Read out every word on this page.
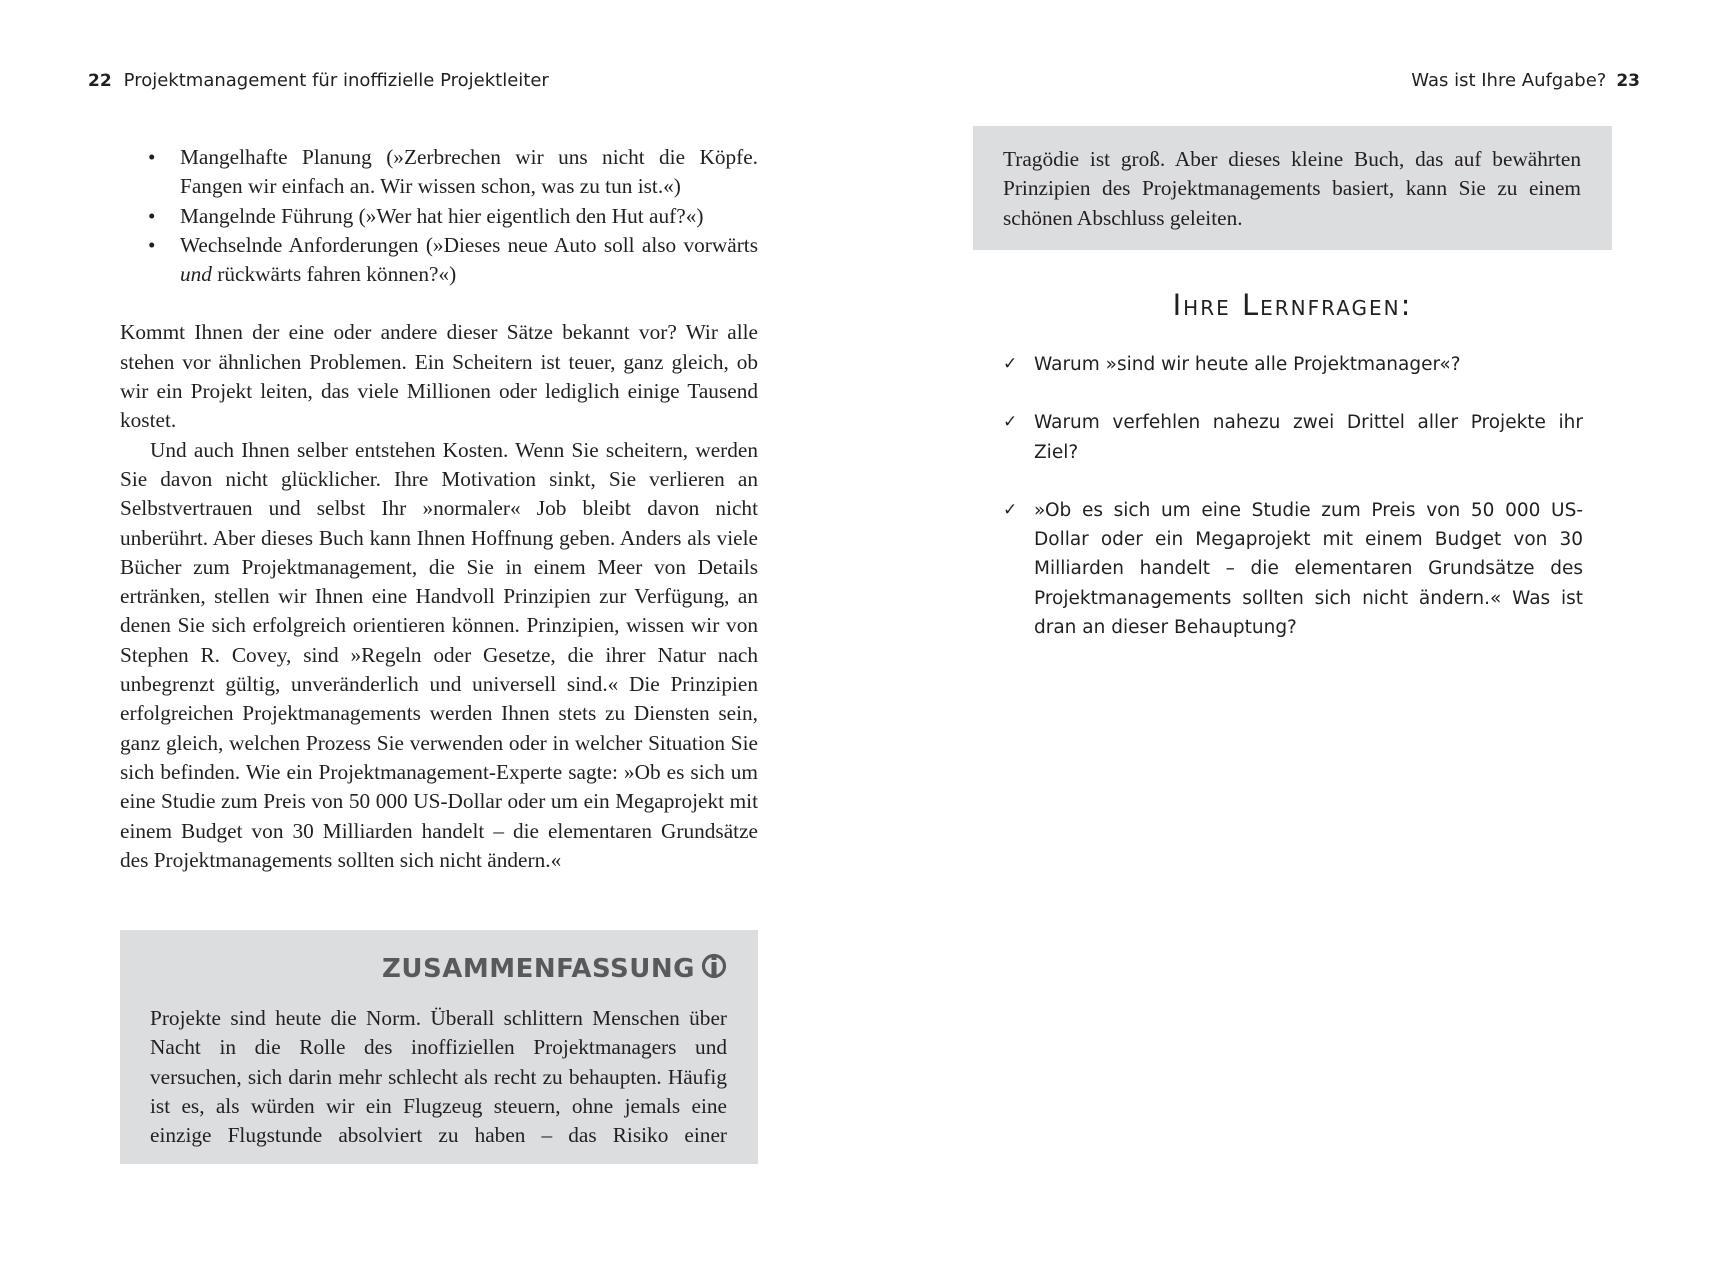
22 Projektmanagement für inoffizielle Projektleiter
• Mangelhafte Planung (»Zerbrechen wir uns nicht die Köpfe. Fangen wir einfach an. Wir wissen schon, was zu tun ist.«)
• Mangelnde Führung (»Wer hat hier eigentlich den Hut auf?«)
• Wechselnde Anforderungen (»Dieses neue Auto soll also vorwärts und rückwärts fahren können?«)

Kommt Ihnen der eine oder andere dieser Sätze bekannt vor? Wir alle stehen vor ähnlichen Problemen. Ein Scheitern ist teuer, ganz gleich, ob wir ein Projekt leiten, das viele Millionen oder lediglich einige Tausend kostet.

Und auch Ihnen selber entstehen Kosten. Wenn Sie scheitern, werden Sie davon nicht glücklicher. Ihre Motivation sinkt, Sie verlieren an Selbstvertrauen und selbst Ihr »normaler« Job bleibt davon nicht unberührt. Aber dieses Buch kann Ihnen Hoffnung geben. Anders als viele Bücher zum Projektmanagement, die Sie in einem Meer von Details ertränken, stellen wir Ihnen eine Handvoll Prinzipien zur Verfügung, an denen Sie sich erfolgreich orientieren können. Prinzipien, wissen wir von Stephen R. Covey, sind »Regeln oder Gesetze, die ihrer Natur nach unbegrenzt gültig, unveränderlich und universell sind.« Die Prinzipien erfolgreichen Projektmanagements werden Ihnen stets zu Diensten sein, ganz gleich, welchen Prozess Sie verwenden oder in welcher Situation Sie sich befinden. Wie ein Projektmanagement-Experte sagte: »Ob es sich um eine Studie zum Preis von 50 000 US-Dollar oder um ein Megaprojekt mit einem Budget von 30 Milliarden handelt – die elementaren Grundsätze des Projektmanagements sollten sich nicht ändern.«

ZUSAMMENFASSUNG
Projekte sind heute die Norm. Überall schlittern Menschen über Nacht in die Rolle des inoffiziellen Projektmanagers und versuchen, sich darin mehr schlecht als recht zu behaupten. Häufig ist es, als würden wir ein Flugzeug steuern, ohne jemals eine einzige Flugstunde absolviert zu haben – das Risiko einer
Was ist Ihre Aufgabe? 23
Tragödie ist groß. Aber dieses kleine Buch, das auf bewährten Prinzipien des Projektmanagements basiert, kann Sie zu einem schönen Abschluss geleiten.
Ihre Lernfragen:
✓ Warum »sind wir heute alle Projektmanager«?
✓ Warum verfehlen nahezu zwei Drittel aller Projekte ihr Ziel?
✓ »Ob es sich um eine Studie zum Preis von 50 000 US-Dollar oder ein Megaprojekt mit einem Budget von 30 Milliarden handelt – die elementaren Grundsätze des Projektmanagements sollten sich nicht ändern.« Was ist dran an dieser Behauptung?
